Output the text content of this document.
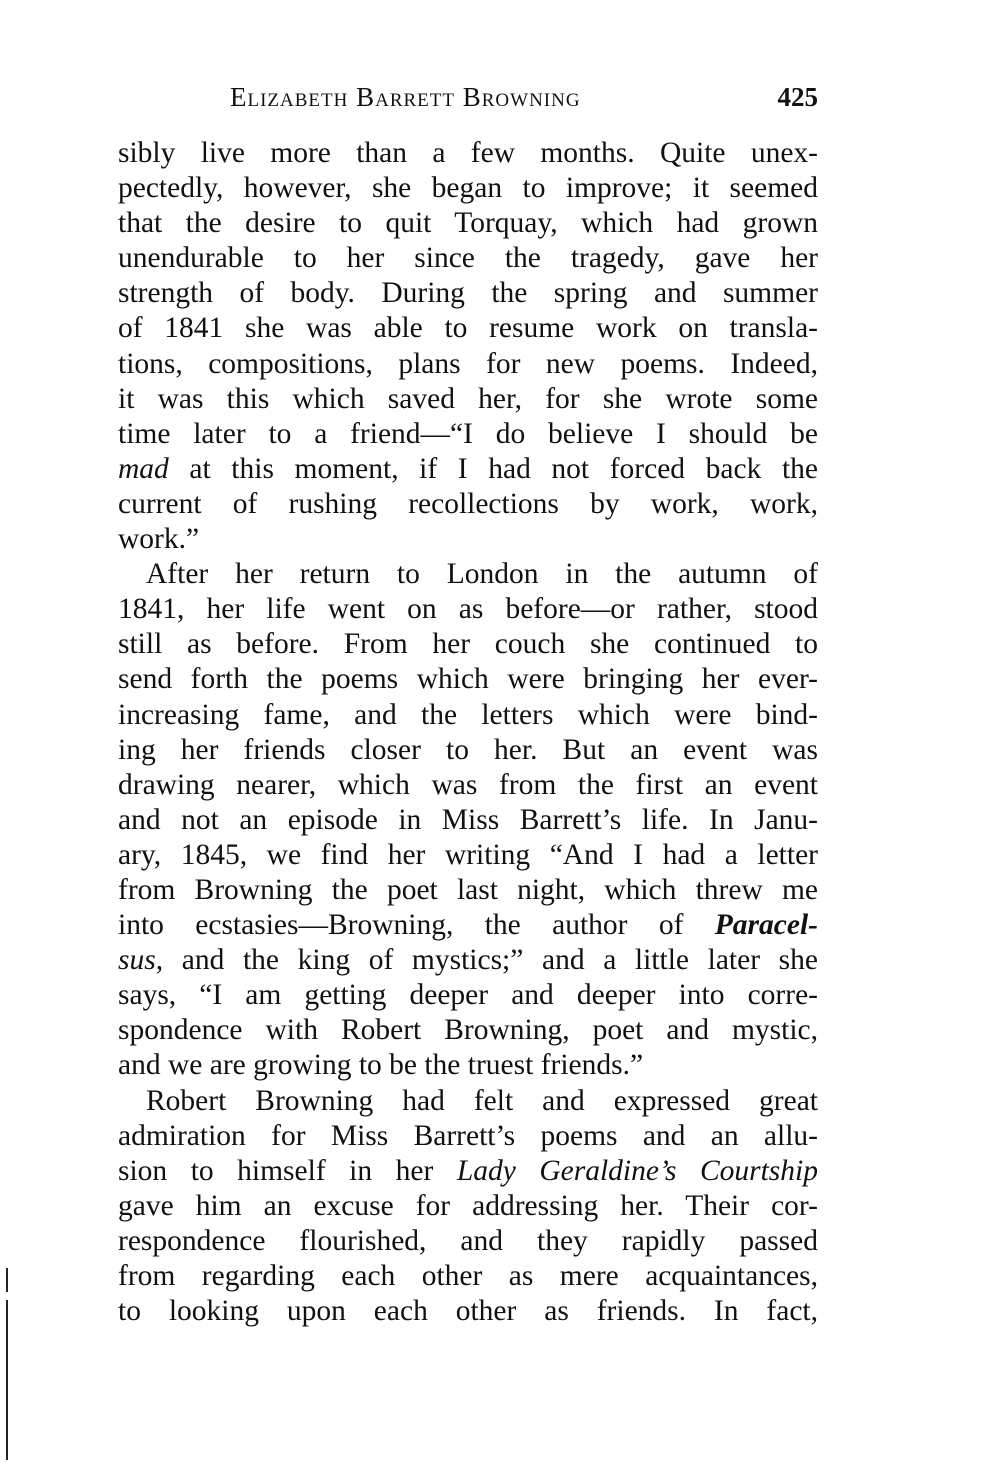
Elizabeth Barrett Browning	425
sibly live more than a few months. Quite unex-
pectedly, however, she began to improve; it seemed
that the desire to quit Torquay, which had grown
unendurable to her since the tragedy, gave her
strength of body. During the spring and summer
of 1841 she was able to resume work on transla-
tions, compositions, plans for new poems. Indeed,
it was this which saved her, for she wrote some
time later to a friend—“I do believe I should be
mad at this moment, if I had not forced back the
current of rushing recollections by work, work,
work.”
After her return to London in the autumn of
1841, her life went on as before—or rather, stood
still as before. From her couch she continued to
send forth the poems which were bringing her ever-
increasing fame, and the letters which were bind-
ing her friends closer to her. But an event was
drawing nearer, which was from the first an event
and not an episode in Miss Barrett’s life. In Janu-
ary, 1845, we find her writing “And I had a letter
from Browning the poet last night, which threw me
into ecstasies—Browning, the author of Paracel-
sus, and the king of mystics;” and a little later she
says, “I am getting deeper and deeper into corre-
spondence with Robert Browning, poet and mystic,
and we are growing to be the truest friends.”
Robert Browning had felt and expressed great
admiration for Miss Barrett’s poems and an allu-
sion to himself in her Lady Geraldine’s Courtship
gave him an excuse for addressing her. Their cor-
respondence flourished, and they rapidly passed
from regarding each other as mere acquaintances,
to looking upon each other as friends. In fact,
